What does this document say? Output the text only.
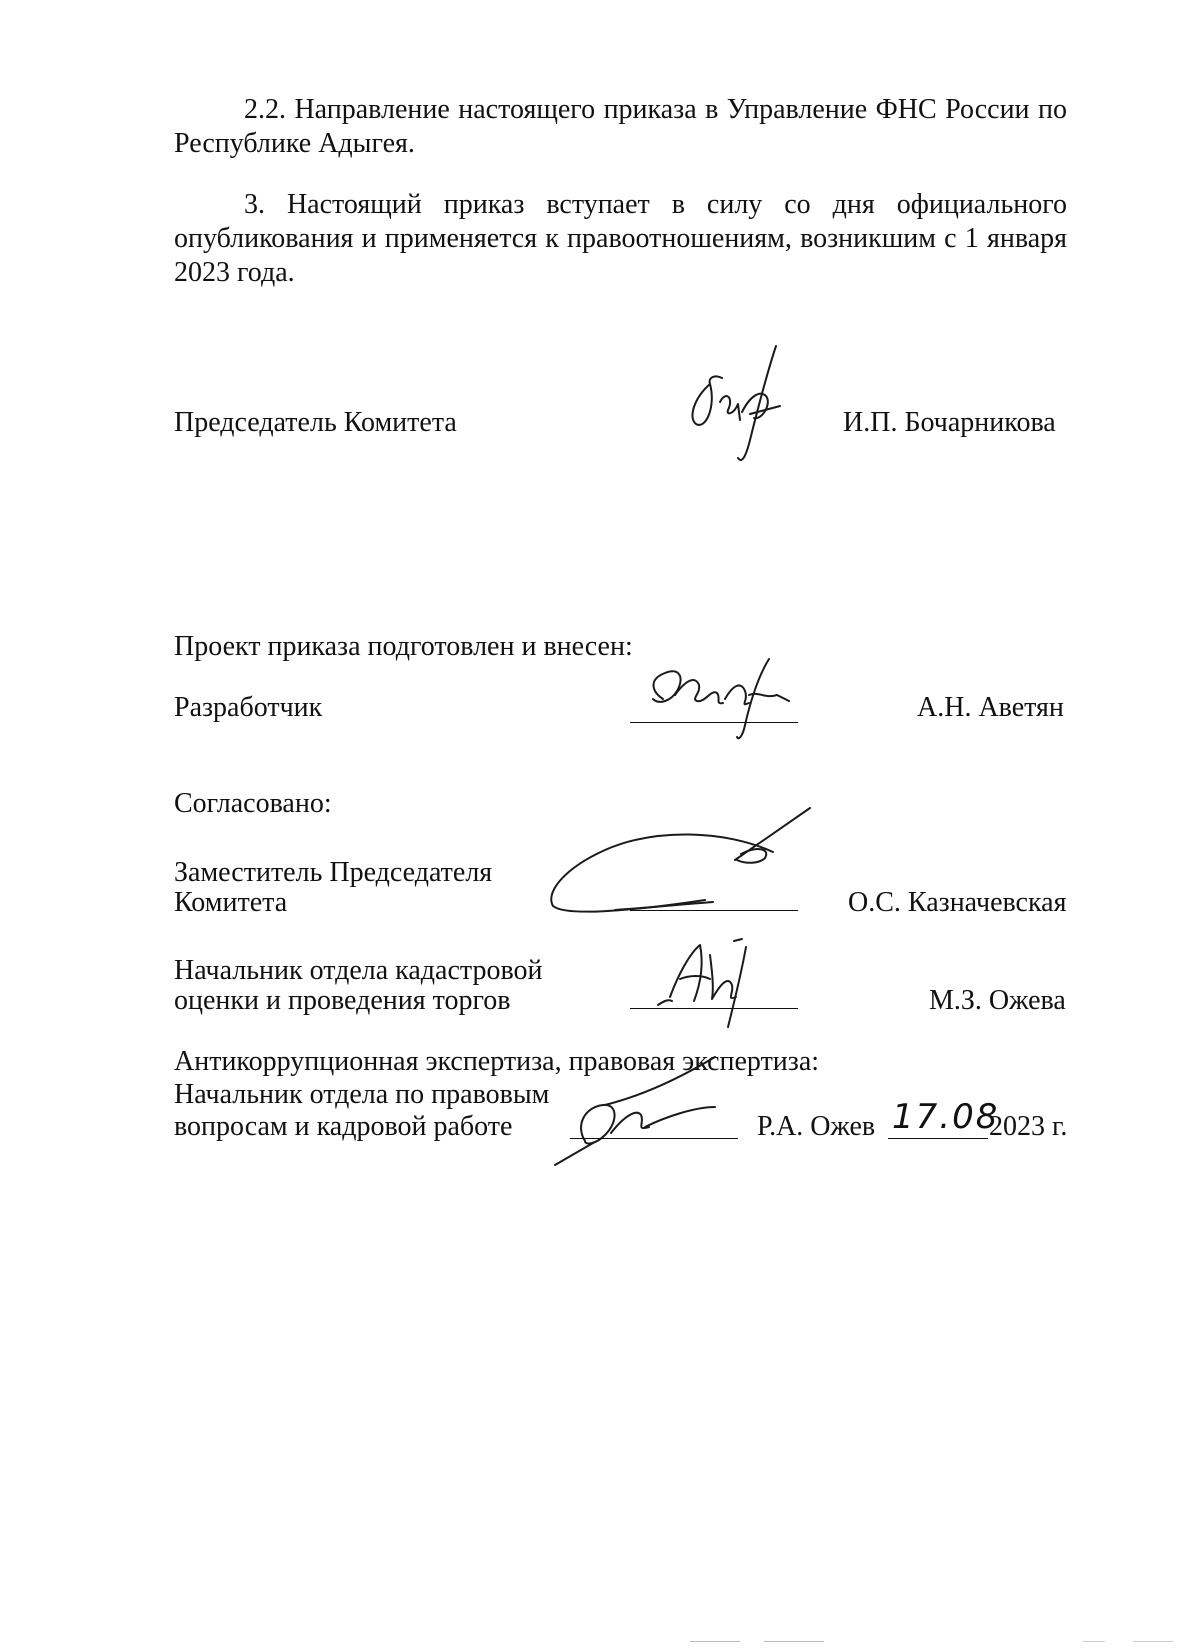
2.2. Направление настоящего приказа в Управление ФНС России по Республике Адыгея.
3. Настоящий приказ вступает в силу со дня официального опубликования и применяется к правоотношениям, возникшим с 1 января 2023 года.
Председатель Комитета	И.П. Бочарникова
Проект приказа подготовлен и внесен:
Разработчик	А.Н. Аветян
Согласовано:
Заместитель Председателя
Комитета	О.С. Казначевская
Начальник отдела кадастровой
оценки и проведения торгов	М.З. Ожева
Антикоррупционная экспертиза, правовая экспертиза:
Начальник отдела по правовым
вопросам и кадровой работе	Р.А. Ожев 17.08
2023 г.
